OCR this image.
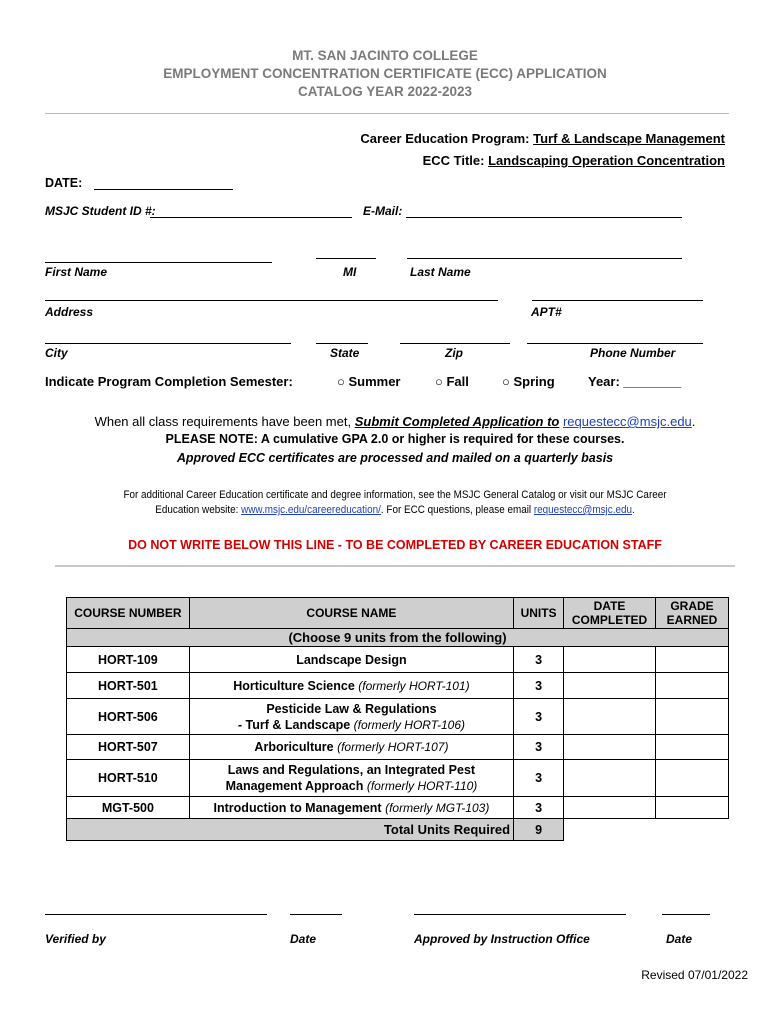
MT. SAN JACINTO COLLEGE
EMPLOYMENT CONCENTRATION CERTIFICATE (ECC) APPLICATION
CATALOG YEAR 2022-2023
Career Education Program: Turf & Landscape Management
ECC Title: Landscaping Operation Concentration
DATE:
MSJC Student ID #:	E-Mail:
First Name	MI	Last Name
Address	APT#
City	State	Zip	Phone Number
Indicate Program Completion Semester:	○ Summer	○ Fall	○ Spring	Year: ________
When all class requirements have been met, Submit Completed Application to requestecc@msjc.edu.
PLEASE NOTE: A cumulative GPA 2.0 or higher is required for these courses.
Approved ECC certificates are processed and mailed on a quarterly basis
For additional Career Education certificate and degree information, see the MSJC General Catalog or visit our MSJC Career
Education website: www.msjc.edu/careereducation/. For ECC questions, please email requestecc@msjc.edu.
DO NOT WRITE BELOW THIS LINE - TO BE COMPLETED BY CAREER EDUCATION STAFF
COURSE NUMBER	COURSE NAME	UNITS	DATE COMPLETED	GRADE EARNED
(Choose 9 units from the following)				
HORT-109	Landscape Design	3		
HORT-501	Horticulture Science (formerly HORT-101)	3		
HORT-506	Pesticide Law & Regulations
- Turf & Landscape (formerly HORT-106)	3		
HORT-507	Arboriculture (formerly HORT-107)	3		
HORT-510	Laws and Regulations, an Integrated Pest
Management Approach (formerly HORT-110)	3		
MGT-500	Introduction to Management (formerly MGT-103)	3		
Total Units Required		9		
Verified by	Date	Approved by Instruction Office	Date
Revised 07/01/2022
